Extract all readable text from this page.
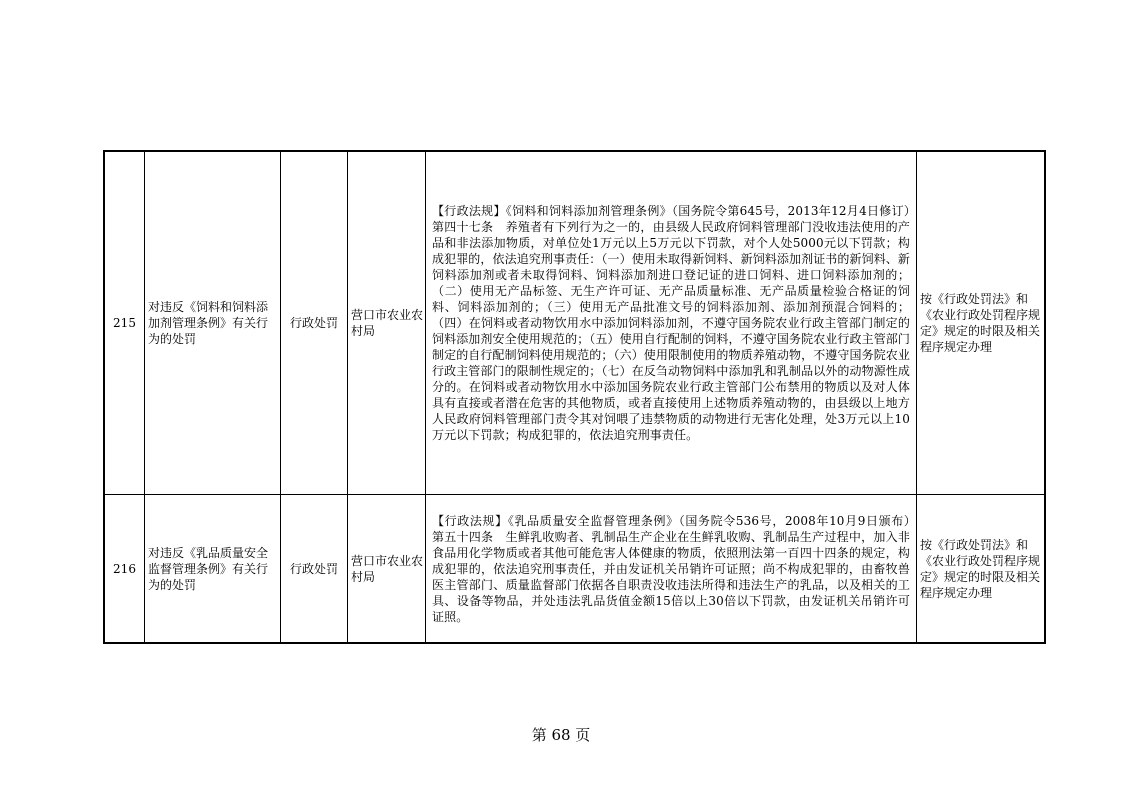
215	对违反《饲料和饲料添加剂管理条例》有关行为的处罚	行政处罚	营口市农业农村局	【行政法规】《饲料和饲料添加剂管理条例》（国务院令第645号，2013年12月4日修订）　第四十七条　养殖者有下列行为之一的，由县级人民政府饲料管理部门没收违法使用的产品和非法添加物质，对单位处1万元以上5万元以下罚款，对个人处5000元以下罚款；构成犯罪的，依法追究刑事责任：（一）使用未取得新饲料、新饲料添加剂证书的新饲料、新饲料添加剂或者未取得饲料、饲料添加剂进口登记证的进口饲料、进口饲料添加剂的；（二）使用无产品标签、无生产许可证、无产品质量标准、无产品质量检验合格证的饲料、饲料添加剂的；（三）使用无产品批准文号的饲料添加剂、添加剂预混合饲料的；（四）在饲料或者动物饮用水中添加饲料添加剂，不遵守国务院农业行政主管部门制定的饲料添加剂安全使用规范的；（五）使用自行配制的饲料，不遵守国务院农业行政主管部门制定的自行配制饲料使用规范的；（六）使用限制使用的物质养殖动物，不遵守国务院农业行政主管部门的限制性规定的；（七）在反刍动物饲料中添加乳和乳制品以外的动物源性成分的。在饲料或者动物饮用水中添加国务院农业行政主管部门公布禁用的物质以及对人体具有直接或者潜在危害的其他物质，或者直接使用上述物质养殖动物的，由县级以上地方人民政府饲料管理部门责令其对饲喂了违禁物质的动物进行无害化处理，处3万元以上10万元以下罚款；构成犯罪的，依法追究刑事责任。	按《行政处罚法》和《农业行政处罚程序规定》规定的时限及相关程序规定办理

216	对违反《乳品质量安全监督管理条例》有关行为的处罚	行政处罚	营口市农业农村局	【行政法规】《乳品质量安全监督管理条例》（国务院令536号，2008年10月9日颁布）　第五十四条　生鲜乳收购者、乳制品生产企业在生鲜乳收购、乳制品生产过程中，加入非食品用化学物质或者其他可能危害人体健康的物质，依照刑法第一百四十四条的规定，构成犯罪的，依法追究刑事责任，并由发证机关吊销许可证照；尚不构成犯罪的，由畜牧兽医主管部门、质量监督部门依据各自职责没收违法所得和违法生产的乳品，以及相关的工具、设备等物品，并处违法乳品货值金额15倍以上30倍以下罚款，由发证机关吊销许可证照。	按《行政处罚法》和《农业行政处罚程序规定》规定的时限及相关程序规定办理
第 68 页
